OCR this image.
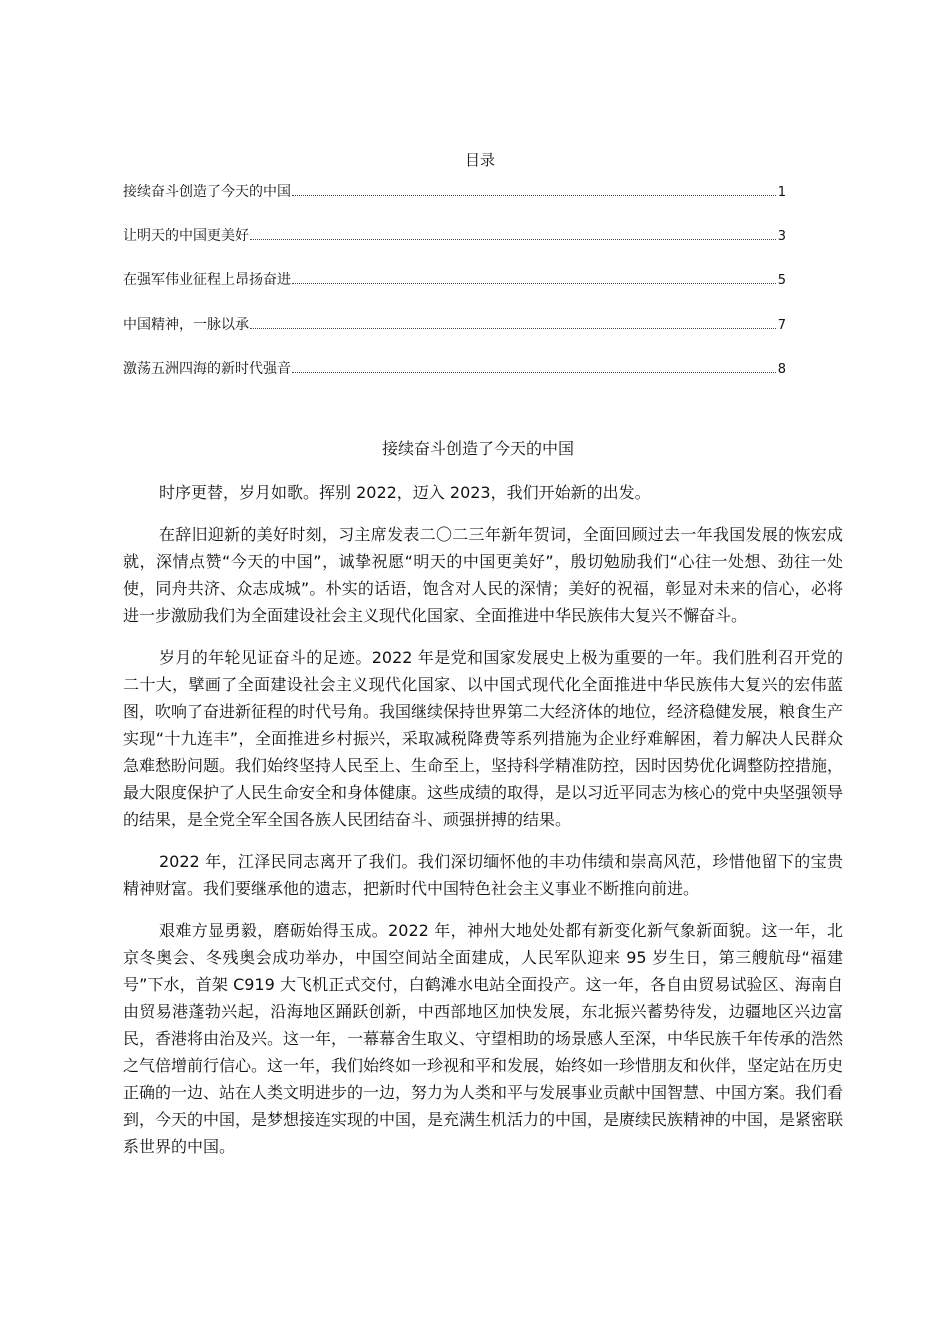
目录
接续奋斗创造了今天的中国	1
让明天的中国更美好	3
在强军伟业征程上昂扬奋进	5
中国精神，一脉以承	7
激荡五洲四海的新时代强音	8
接续奋斗创造了今天的中国

时序更替，岁月如歌。挥别 2022，迈入 2023，我们开始新的出发。

在辞旧迎新的美好时刻，习主席发表二〇二三年新年贺词，全面回顾过去一年我国发展的恢宏成就，深情点赞“今天的中国”，诚挚祝愿“明天的中国更美好”，殷切勉励我们“心往一处想、劲往一处使，同舟共济、众志成城”。朴实的话语，饱含对人民的深情；美好的祝福，彰显对未来的信心，必将进一步激励我们为全面建设社会主义现代化国家、全面推进中华民族伟大复兴不懈奋斗。

岁月的年轮见证奋斗的足迹。2022 年是党和国家发展史上极为重要的一年。我们胜利召开党的二十大，擘画了全面建设社会主义现代化国家、以中国式现代化全面推进中华民族伟大复兴的宏伟蓝图，吹响了奋进新征程的时代号角。我国继续保持世界第二大经济体的地位，经济稳健发展，粮食生产实现“十九连丰”，全面推进乡村振兴，采取减税降费等系列措施为企业纾难解困，着力解决人民群众急难愁盼问题。我们始终坚持人民至上、生命至上，坚持科学精准防控，因时因势优化调整防控措施，最大限度保护了人民生命安全和身体健康。这些成绩的取得，是以习近平同志为核心的党中央坚强领导的结果，是全党全军全国各族人民团结奋斗、顽强拼搏的结果。

2022 年，江泽民同志离开了我们。我们深切缅怀他的丰功伟绩和崇高风范，珍惜他留下的宝贵精神财富。我们要继承他的遗志，把新时代中国特色社会主义事业不断推向前进。

艰难方显勇毅，磨砺始得玉成。2022 年，神州大地处处都有新变化新气象新面貌。这一年，北京冬奥会、冬残奥会成功举办，中国空间站全面建成，人民军队迎来 95 岁生日，第三艘航母“福建号”下水，首架 C919 大飞机正式交付，白鹤滩水电站全面投产。这一年，各自由贸易试验区、海南自由贸易港蓬勃兴起，沿海地区踊跃创新，中西部地区加快发展，东北振兴蓄势待发，边疆地区兴边富民，香港将由治及兴。这一年，一幕幕舍生取义、守望相助的场景感人至深，中华民族千年传承的浩然之气倍增前行信心。这一年，我们始终如一珍视和平和发展，始终如一珍惜朋友和伙伴，坚定站在历史正确的一边、站在人类文明进步的一边，努力为人类和平与发展事业贡献中国智慧、中国方案。我们看到，今天的中国，是梦想接连实现的中国，是充满生机活力的中国，是赓续民族精神的中国，是紧密联系世界的中国。
